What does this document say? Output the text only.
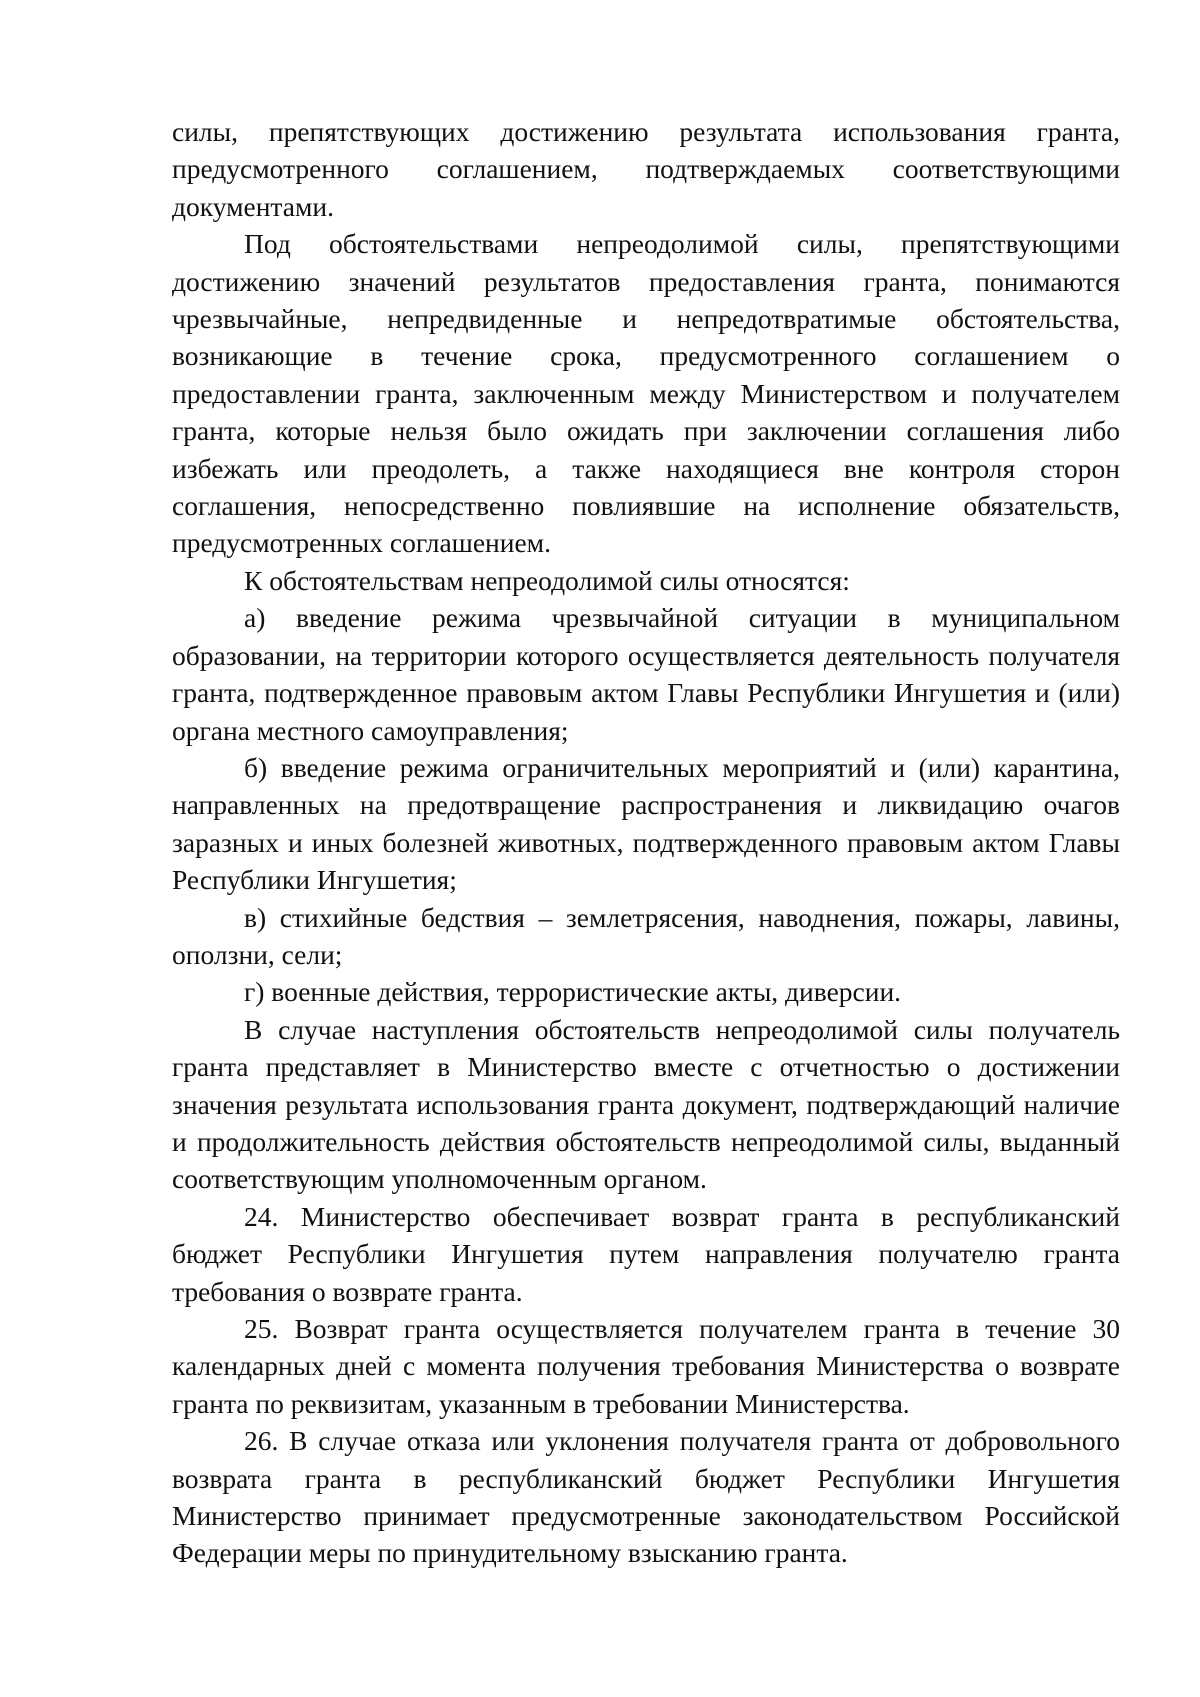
силы, препятствующих достижению результата использования гранта, предусмотренного соглашением, подтверждаемых соответствующими документами.

Под обстоятельствами непреодолимой силы, препятствующими достижению значений результатов предоставления гранта, понимаются чрезвычайные, непредвиденные и непредотвратимые обстоятельства, возникающие в течение срока, предусмотренного соглашением о предоставлении гранта, заключенным между Министерством и получателем гранта, которые нельзя было ожидать при заключении соглашения либо избежать или преодолеть, а также находящиеся вне контроля сторон соглашения, непосредственно повлиявшие на исполнение обязательств, предусмотренных соглашением.

К обстоятельствам непреодолимой силы относятся:

а) введение режима чрезвычайной ситуации в муниципальном образовании, на территории которого осуществляется деятельность получателя гранта, подтвержденное правовым актом Главы Республики Ингушетия и (или) органа местного самоуправления;

б) введение режима ограничительных мероприятий и (или) карантина, направленных на предотвращение распространения и ликвидацию очагов заразных и иных болезней животных, подтвержденного правовым актом Главы Республики Ингушетия;

в) стихийные бедствия – землетрясения, наводнения, пожары, лавины, оползни, сели;

г) военные действия, террористические акты, диверсии.

В случае наступления обстоятельств непреодолимой силы получатель гранта представляет в Министерство вместе с отчетностью о достижении значения результата использования гранта документ, подтверждающий наличие и продолжительность действия обстоятельств непреодолимой силы, выданный соответствующим уполномоченным органом.

24. Министерство обеспечивает возврат гранта в республиканский бюджет Республики Ингушетия путем направления получателю гранта требования о возврате гранта.

25. Возврат гранта осуществляется получателем гранта в течение 30 календарных дней с момента получения требования Министерства о возврате гранта по реквизитам, указанным в требовании Министерства.

26. В случае отказа или уклонения получателя гранта от добровольного возврата гранта в республиканский бюджет Республики Ингушетия Министерство принимает предусмотренные законодательством Российской Федерации меры по принудительному взысканию гранта.
